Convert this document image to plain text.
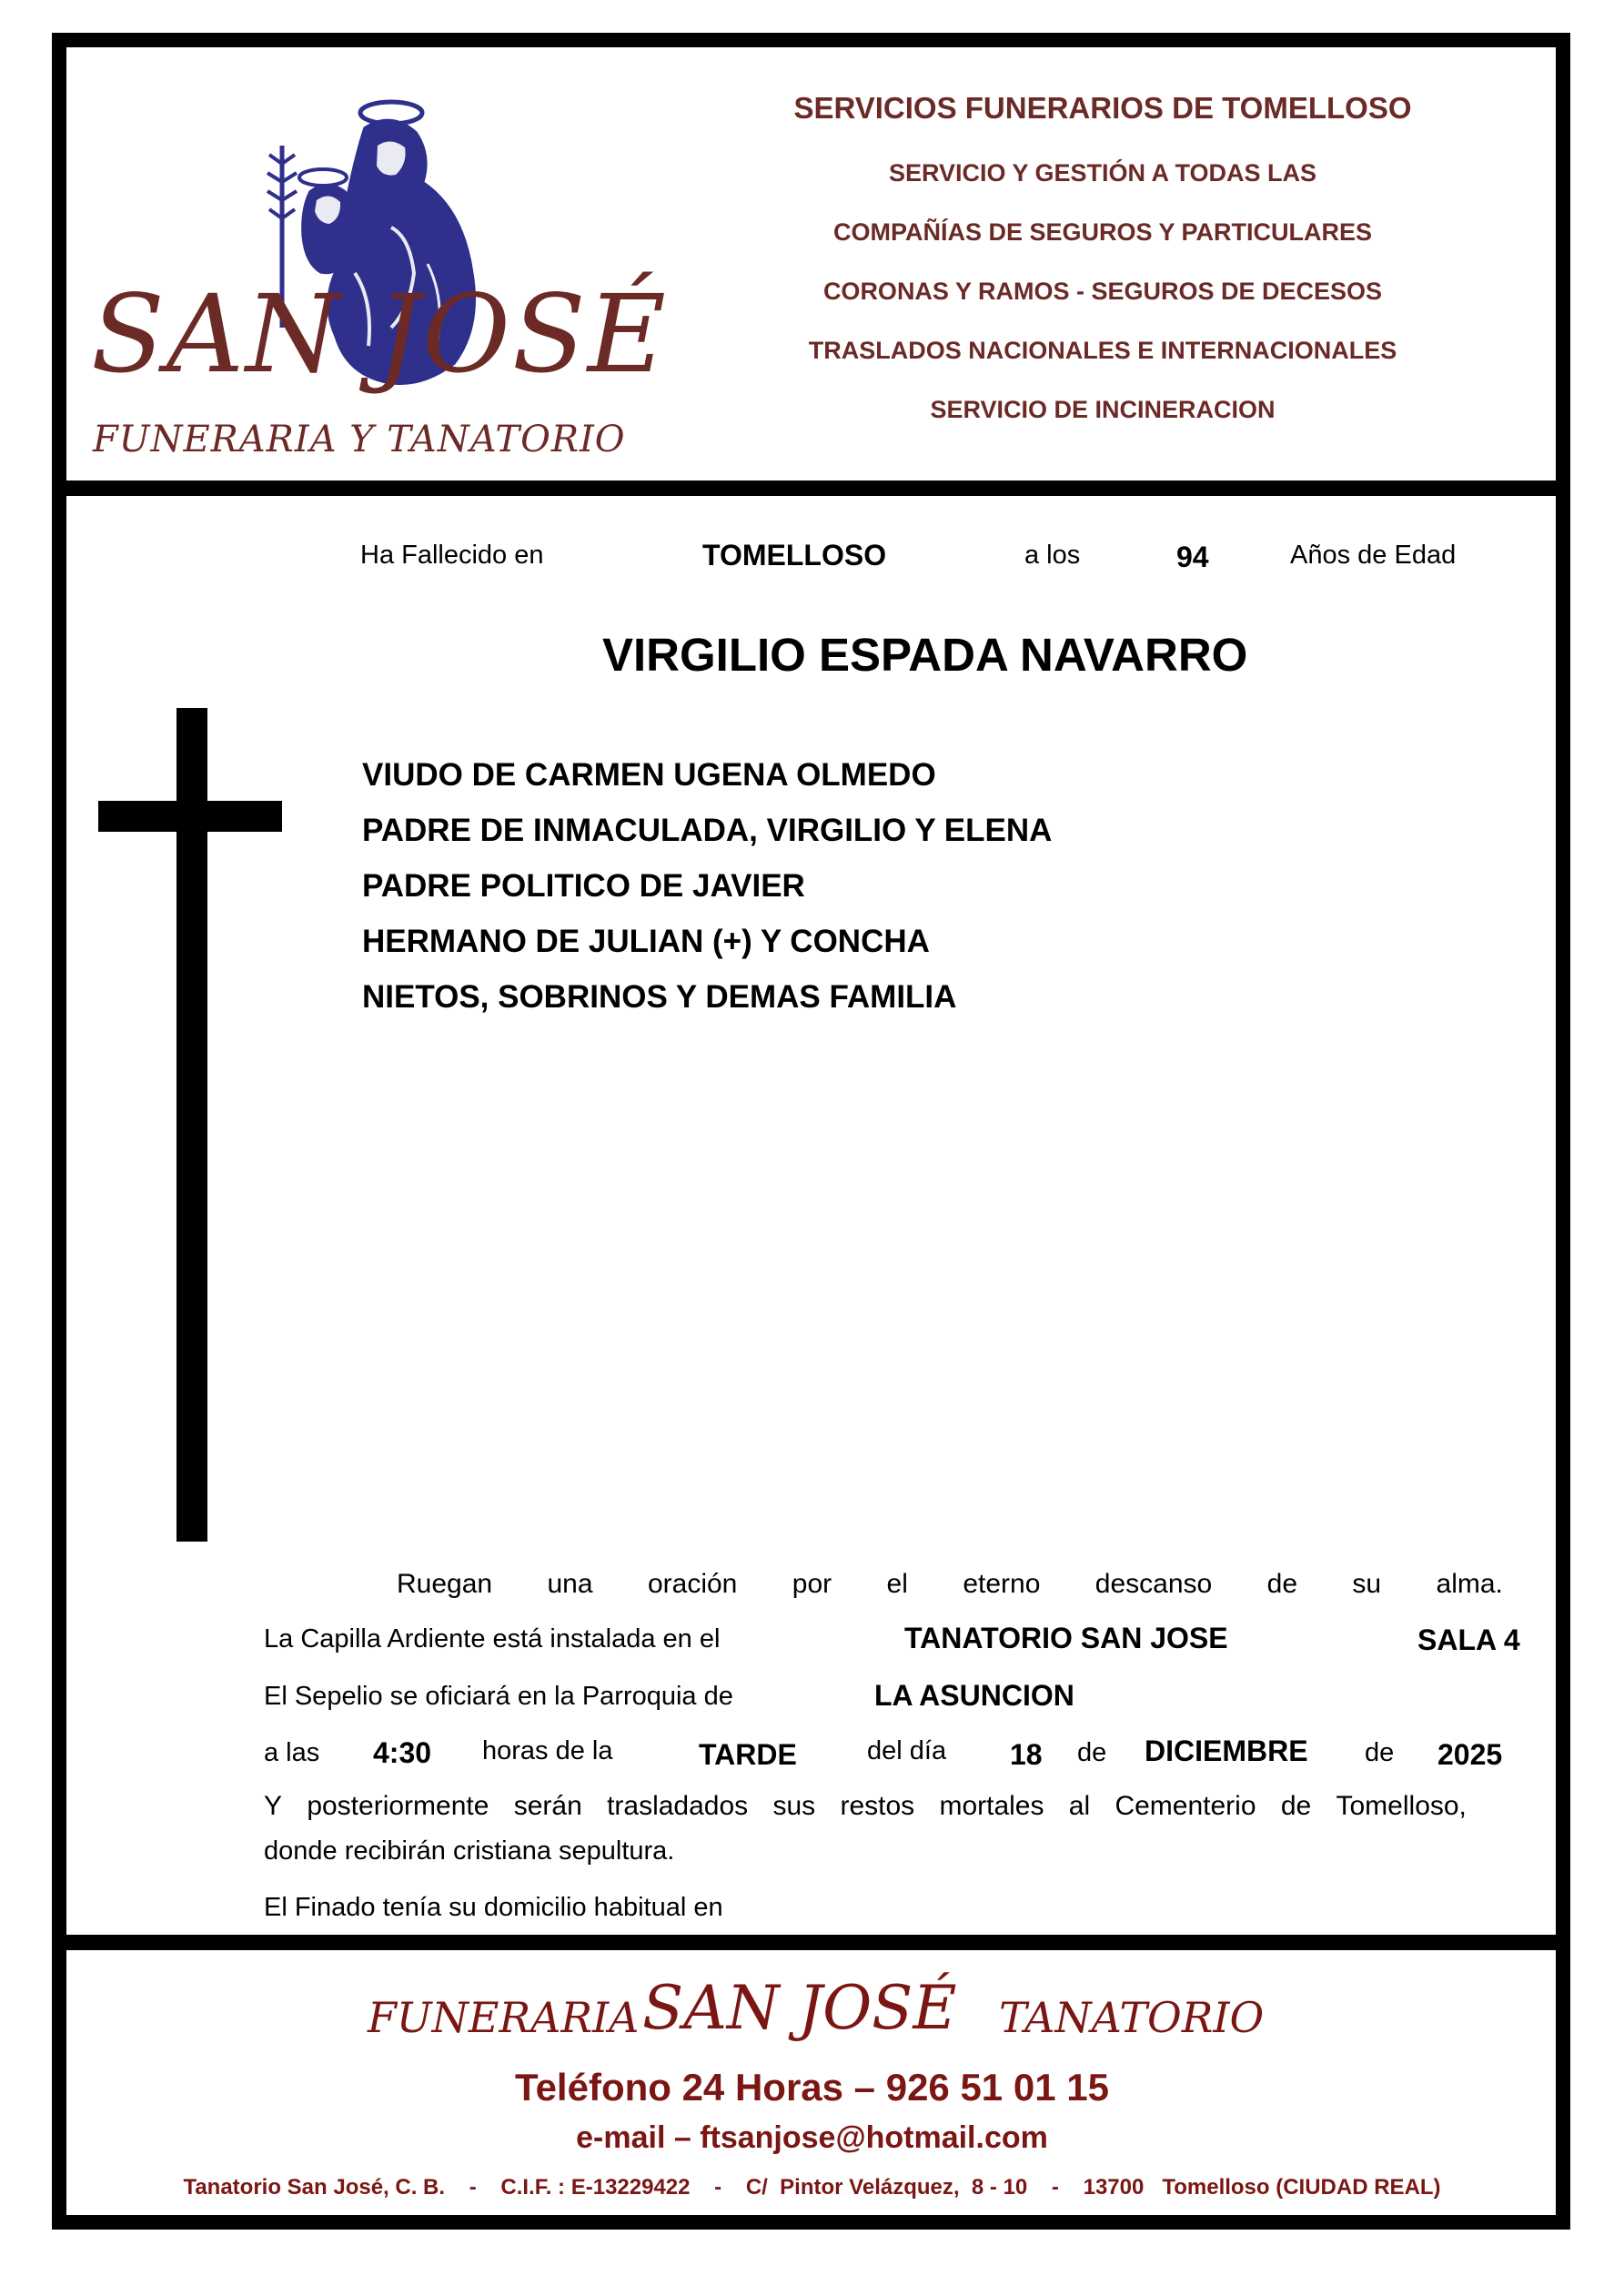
SAN JOSÉ
FUNERARIA Y TANATORIO
SERVICIOS FUNERARIOS DE TOMELLOSO
SERVICIO Y GESTIÓN A TODAS LAS
COMPAÑÍAS DE SEGUROS Y PARTICULARES
CORONAS Y RAMOS - SEGUROS DE DECESOS
TRASLADOS NACIONALES E INTERNACIONALES
SERVICIO DE INCINERACION
Ha Fallecido en	TOMELLOSO	a los	94	Años de Edad
VIRGILIO ESPADA NAVARRO
VIUDO DE CARMEN UGENA OLMEDO
PADRE DE INMACULADA, VIRGILIO Y ELENA
PADRE POLITICO DE JAVIER
HERMANO DE JULIAN (+) Y CONCHA
NIETOS, SOBRINOS Y DEMAS FAMILIA
Ruegan una oración por el eterno descanso de su alma.
La Capilla Ardiente está instalada en el	TANATORIO SAN JOSE	SALA 4
El Sepelio se oficiará en la Parroquia de	LA ASUNCION
a las 4:30 horas de la	TARDE	del día 18 de DICIEMBRE de 2025
Y posteriormente serán trasladados sus restos mortales al Cementerio de Tomelloso,
donde recibirán cristiana sepultura.
El Finado tenía su domicilio habitual en
FUNERARIA SAN JOSÉ TANATORIO
Teléfono 24 Horas – 926 51 01 15
e-mail – ftsanjose@hotmail.com
Tanatorio San José, C. B.    -    C.I.F. : E-13229422    -    C/  Pintor Velázquez,  8 - 10    -    13700   Tomelloso (CIUDAD REAL)
